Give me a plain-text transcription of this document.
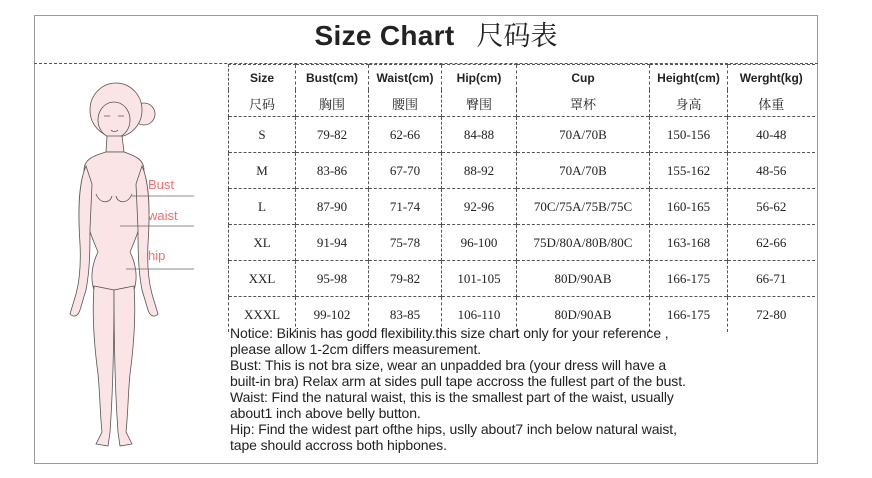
Size Chart 尺码表
Bust
waist
hip
Size	Bust(cm)	Waist(cm)	Hip(cm)	Cup	Height(cm)	Werght(kg)
尺码	胸围	腰围	臀围	罩杯	身高	体重
S	79-82	62-66	84-88	70A/70B	150-156	40-48
M	83-86	67-70	88-92	70A/70B	155-162	48-56
L	87-90	71-74	92-96	70C/75A/75B/75C	160-165	56-62
XL	91-94	75-78	96-100	75D/80A/80B/80C	163-168	62-66
XXL	95-98	79-82	101-105	80D/90AB	166-175	66-71
XXXL	99-102	83-85	106-110	80D/90AB	166-175	72-80
Notice: Bikinis has good flexibility.this size chart only for your reference ,
please allow 1-2cm differs measurement.
Bust: This is not bra size, wear an unpadded bra (your dress will have a
built-in bra) Relax arm at sides pull tape accross the fullest part of the bust.
Waist: Find the natural waist, this is the smallest part of the waist, usually
about1 inch above belly button.
Hip: Find the widest part ofthe hips, uslly about7 inch below natural waist,
tape should accross both hipbones.
